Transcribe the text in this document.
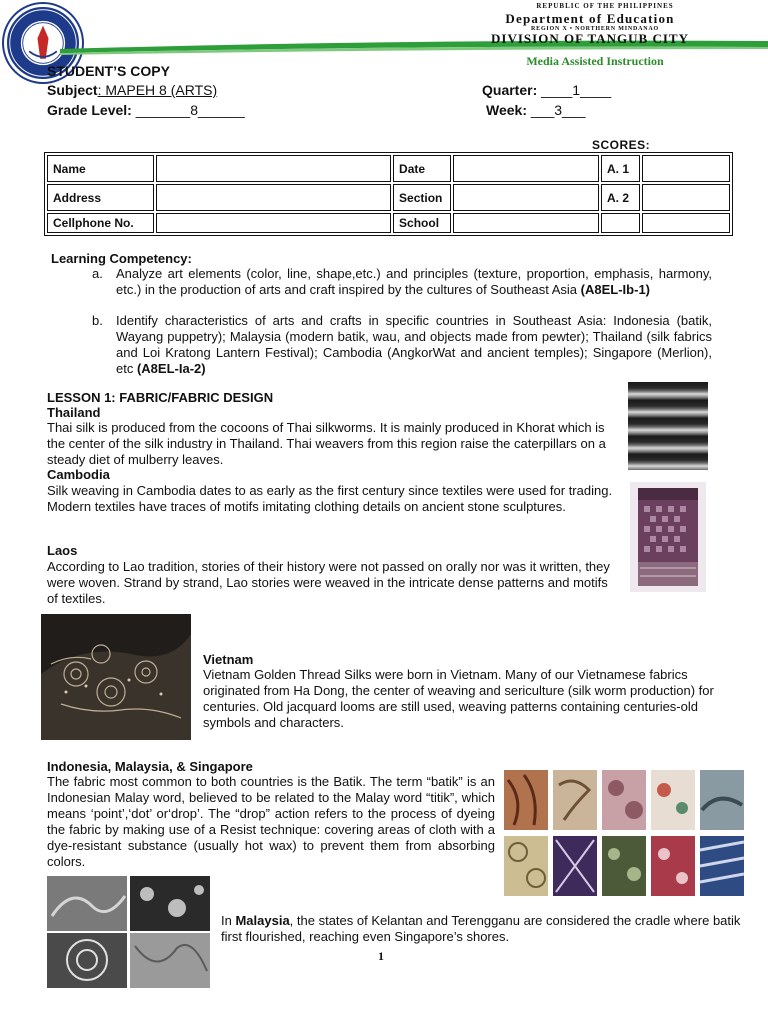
REPUBLIC OF THE PHILIPPINES
Department of Education
REGION X • NORTHERN MINDANAO
DIVISION OF TANGUB CITY
Media Assisted Instruction
STUDENT’S COPY
Subject: MAPEH 8 (ARTS)
Grade Level: _______8______
Quarter: ____1____
Week: ___3___
SCORES:
Name		Date		A. 1	
Address		Section		A. 2	
Cellphone No.		School			
Learning Competency:
a. Analyze art elements (color, line, shape,etc.) and principles (texture, proportion, emphasis, harmony, etc.) in the production of arts and craft inspired by the cultures of Southeast Asia (A8EL-Ib-1)
b. Identify characteristics of arts and crafts in specific countries in Southeast Asia: Indonesia (batik, Wayang puppetry); Malaysia (modern batik, wau, and objects made from pewter); Thailand (silk fabrics and Loi Kratong Lantern Festival); Cambodia (AngkorWat and ancient temples); Singapore (Merlion), etc (A8EL-Ia-2)
LESSON 1: FABRIC/FABRIC DESIGN
Thailand
Thai silk is produced from the cocoons of Thai silkworms. It is mainly produced in Khorat which is the center of the silk industry in Thailand. Thai weavers from this region raise the caterpillars on a steady diet of mulberry leaves.
Cambodia
Silk weaving in Cambodia dates to as early as the first century since textiles were used for trading. Modern textiles have traces of motifs imitating clothing details on ancient stone sculptures.
Laos
According to Lao tradition, stories of their history were not passed on orally nor was it written, they were woven. Strand by strand, Lao stories were weaved in the intricate dense patterns and motifs of textiles.
Vietnam
Vietnam Golden Thread Silks were born in Vietnam. Many of our Vietnamese fabrics originated from Ha Dong, the center of weaving and sericulture (silk worm production) for centuries. Old jacquard looms are still used, weaving patterns containing centuries-old symbols and characters.
Indonesia, Malaysia, & Singapore
The fabric most common to both countries is the Batik. The term “batik” is an Indonesian Malay word, believed to be related to the Malay word “titik”, which means ‘point’,‘dot’ or‘drop’. The “drop” action refers to the process of dyeing the fabric by making use of a Resist technique: covering areas of cloth with a dye-resistant substance (usually hot wax) to prevent them from absorbing colors.
In Malaysia, the states of Kelantan and Terengganu are considered the cradle where batik first flourished, reaching even Singapore’s shores.
1
